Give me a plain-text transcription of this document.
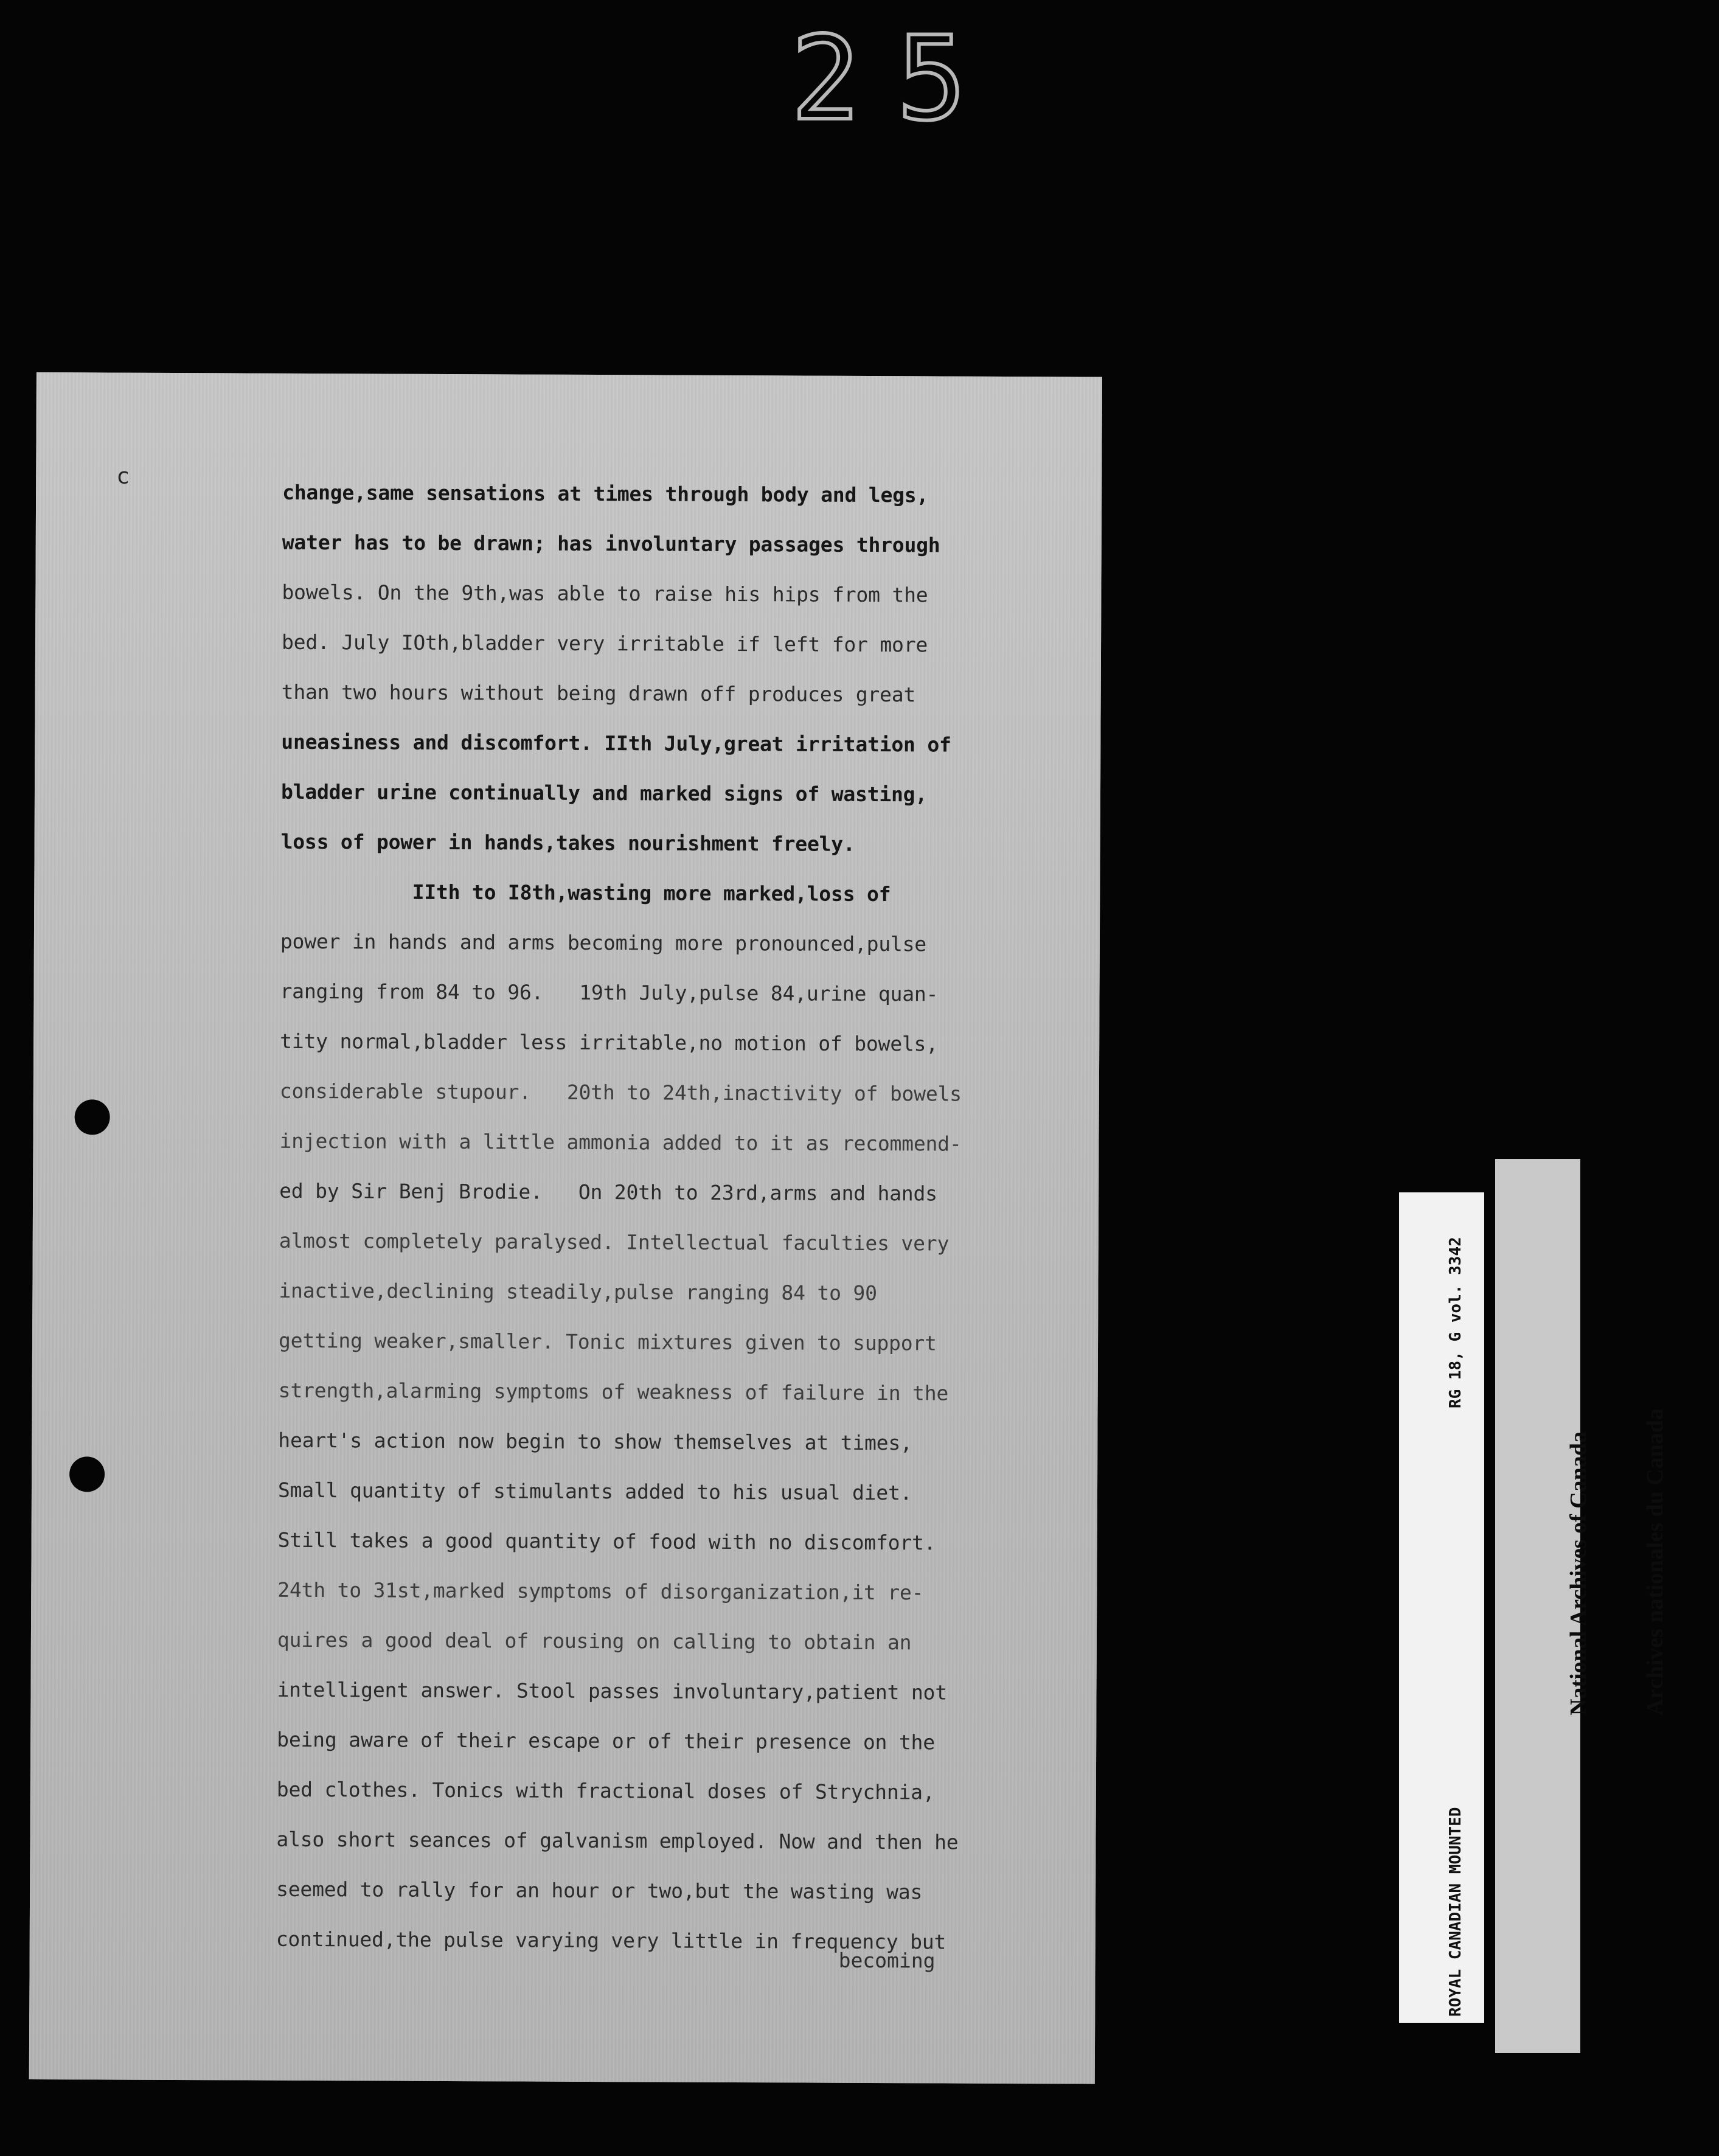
25
c
change,same sensations at times through body and legs,
water has to be drawn; has involuntary passages through
bowels. On the 9th,was able to raise his hips from the
bed. July IOth,bladder very irritable if left for more
than two hours without being drawn off produces great
uneasiness and discomfort. IIth July,great irritation of
bladder urine continually and marked signs of wasting,
loss of power in hands,takes nourishment freely.
IIth to I8th,wasting more marked,loss of
power in hands and arms becoming more pronounced,pulse
ranging from 84 to 96.   19th July,pulse 84,urine quan-
tity normal,bladder less irritable,no motion of bowels,
considerable stupour.   20th to 24th,inactivity of bowels
injection with a little ammonia added to it as recommend-
ed by Sir Benj Brodie.   On 20th to 23rd,arms and hands
almost completely paralysed. Intellectual faculties very
inactive,declining steadily,pulse ranging 84 to 90
getting weaker,smaller. Tonic mixtures given to support
strength,alarming symptoms of weakness of failure in the
heart's action now begin to show themselves at times,
Small quantity of stimulants added to his usual diet.
Still takes a good quantity of food with no discomfort.
24th to 31st,marked symptoms of disorganization,it re-
quires a good deal of rousing on calling to obtain an
intelligent answer. Stool passes involuntary,patient not
being aware of their escape or of their presence on the
bed clothes. Tonics with fractional doses of Strychnia,
also short seances of galvanism employed. Now and then he
seemed to rally for an hour or two,but the wasting was
continued,the pulse varying very little in frequency but
becoming

	ROYAL CANADIAN MOUNTED

RG 18, G vol. 3342

National Archives of Canada

Archives nationales du Canada
